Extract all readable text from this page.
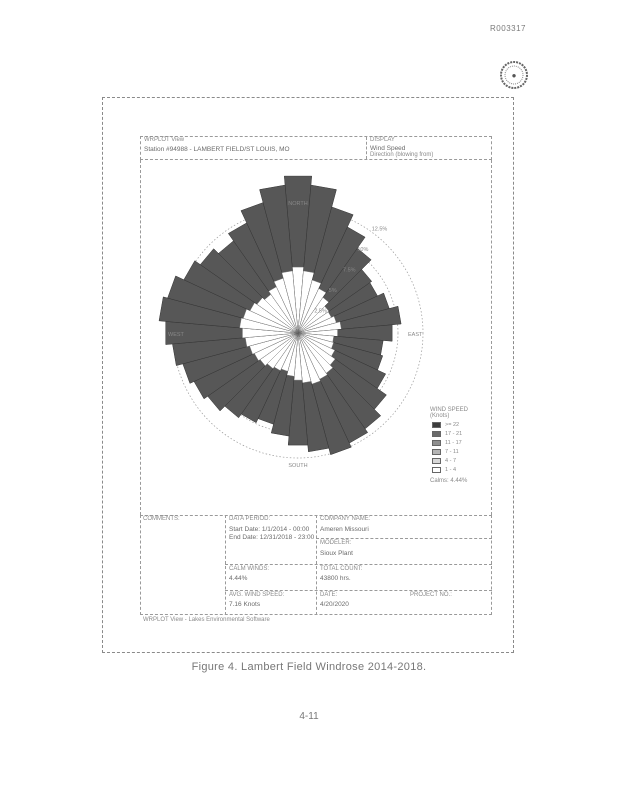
R003317
●
WRPLOT View
Station #94988 - LAMBERT FIELD/ST LOUIS, MO
DISPLAY
Wind Speed
Direction (blowing from)
2.5%
5%
7.5%
10%
12.5%
NORTH
WEST	EAST
SOUTH
WIND SPEED
(Knots)
>= 22
17 - 21
11 - 17
7 - 11
4 - 7
1 - 4
Calms: 4.44%
COMMENTS:	DATA PERIOD:
Start Date: 1/1/2014 - 00:00
End Date: 12/31/2018 - 23:00
COMPANY NAME:
Ameren Missouri
MODELER:
Sioux Plant
CALM WINDS:
4.44%
TOTAL COUNT:
43800 hrs.
AVG. WIND SPEED:
7.16 Knots
DATE:
4/20/2020
PROJECT NO.:
WRPLOT View - Lakes Environmental Software
Figure 4. Lambert Field Windrose 2014-2018.
4-11
